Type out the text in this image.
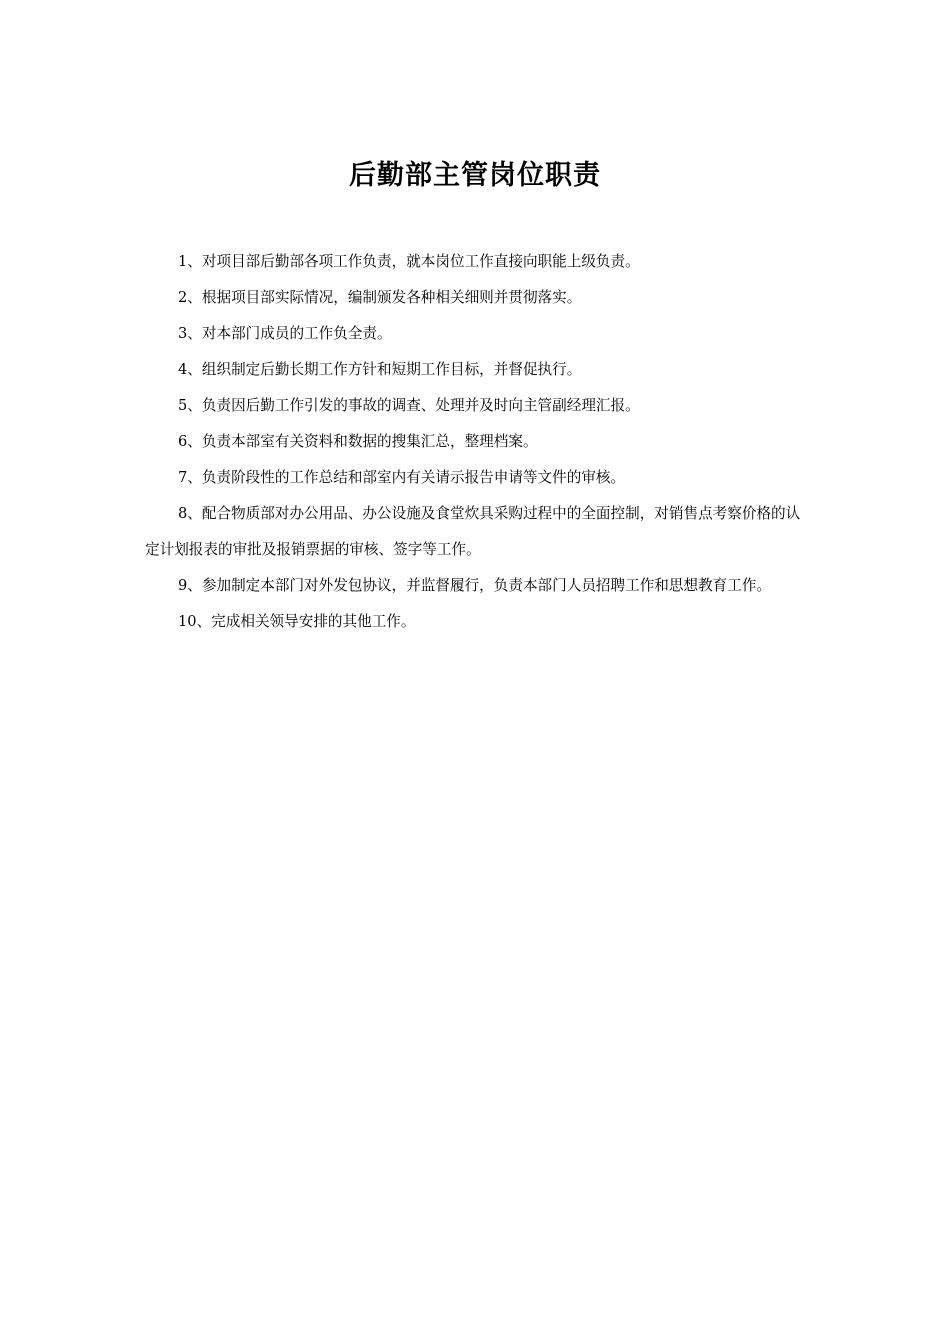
后勤部主管岗位职责

1、对项目部后勤部各项工作负责，就本岗位工作直接向职能上级负责。

2、根据项目部实际情况，编制颁发各种相关细则并贯彻落实。

3、对本部门成员的工作负全责。

4、组织制定后勤长期工作方针和短期工作目标，并督促执行。

5、负责因后勤工作引发的事故的调查、处理并及时向主管副经理汇报。

6、负责本部室有关资料和数据的搜集汇总，整理档案。

7、负责阶段性的工作总结和部室内有关请示报告申请等文件的审核。

8、配合物质部对办公用品、办公设施及食堂炊具采购过程中的全面控制，对销售点考察价格的认定计划报表的审批及报销票据的审核、签字等工作。

9、参加制定本部门对外发包协议，并监督履行，负责本部门人员招聘工作和思想教育工作。

10、完成相关领导安排的其他工作。
